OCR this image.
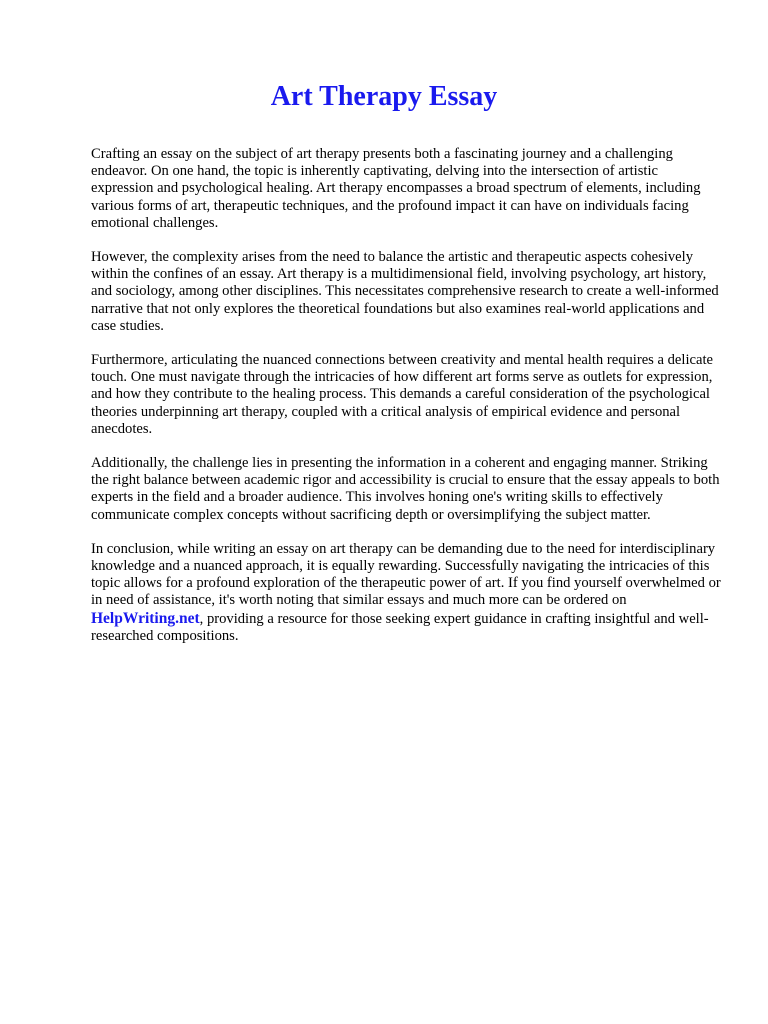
Art Therapy Essay

Crafting an essay on the subject of art therapy presents both a fascinating journey and a challenging endeavor. On one hand, the topic is inherently captivating, delving into the intersection of artistic expression and psychological healing. Art therapy encompasses a broad spectrum of elements, including various forms of art, therapeutic techniques, and the profound impact it can have on individuals facing emotional challenges.

However, the complexity arises from the need to balance the artistic and therapeutic aspects cohesively within the confines of an essay. Art therapy is a multidimensional field, involving psychology, art history, and sociology, among other disciplines. This necessitates comprehensive research to create a well-informed narrative that not only explores the theoretical foundations but also examines real-world applications and case studies.

Furthermore, articulating the nuanced connections between creativity and mental health requires a delicate touch. One must navigate through the intricacies of how different art forms serve as outlets for expression, and how they contribute to the healing process. This demands a careful consideration of the psychological theories underpinning art therapy, coupled with a critical analysis of empirical evidence and personal anecdotes.

Additionally, the challenge lies in presenting the information in a coherent and engaging manner. Striking the right balance between academic rigor and accessibility is crucial to ensure that the essay appeals to both experts in the field and a broader audience. This involves honing one's writing skills to effectively communicate complex concepts without sacrificing depth or oversimplifying the subject matter.

In conclusion, while writing an essay on art therapy can be demanding due to the need for interdisciplinary knowledge and a nuanced approach, it is equally rewarding. Successfully navigating the intricacies of this topic allows for a profound exploration of the therapeutic power of art. If you find yourself overwhelmed or in need of assistance, it's worth noting that similar essays and much more can be ordered on HelpWriting.net, providing a resource for those seeking expert guidance in crafting insightful and well-researched compositions.
